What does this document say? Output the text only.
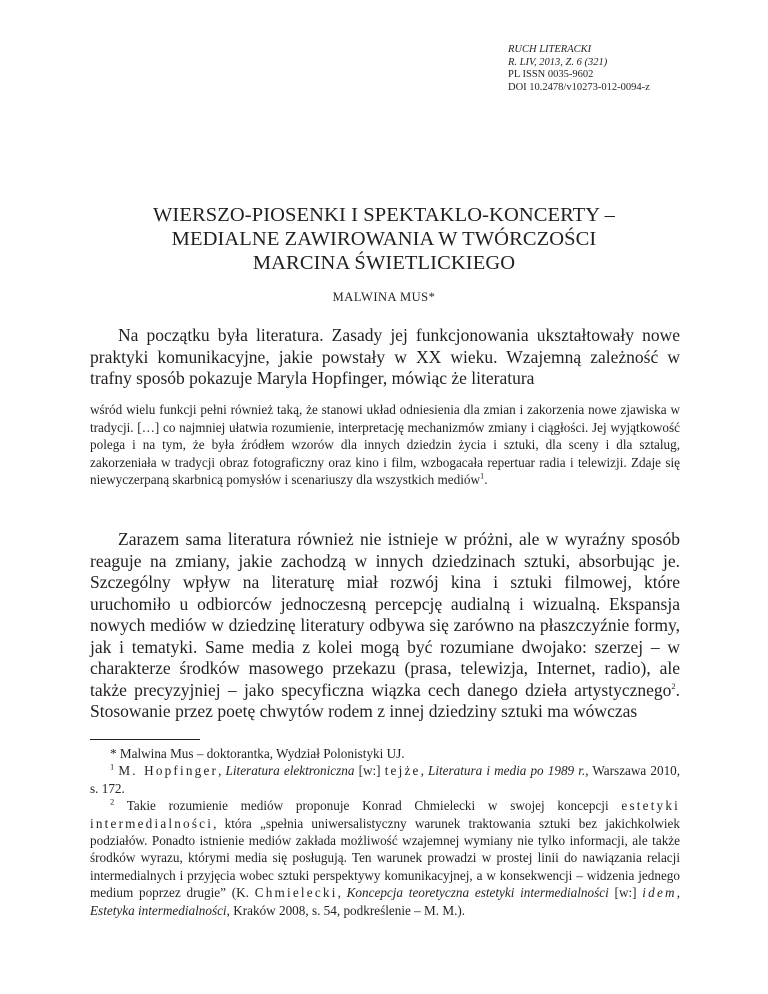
RUCH LITERACKI
R. LIV, 2013, Z. 6 (321)
PL ISSN 0035-9602
DOI 10.2478/v10273-012-0094-z
WIERSZO-PIOSENKI I SPEKTAKLO-KONCERTY –
MEDIALNE ZAWIROWANIA W TWÓRCZOŚCI
MARCINA ŚWIETLICKIEGO
MALWINA MUS*

Na początku była literatura. Zasady jej funkcjonowania ukształtowały nowe praktyki komunikacyjne, jakie powstały w XX wieku. Wzajemną zależność w trafny sposób pokazuje Maryla Hopfinger, mówiąc że literatura

wśród wielu funkcji pełni również taką, że stanowi układ odniesienia dla zmian i zakorzenia nowe zjawiska w tradycji. […] co najmniej ułatwia rozumienie, interpretację mechanizmów zmiany i ciągłości. Jej wyjątkowość polega i na tym, że była źródłem wzorów dla innych dziedzin życia i sztuki, dla sceny i dla sztalug, zakorzeniała w tradycji obraz fotograficzny oraz kino i film, wzbogacała repertuar radia i telewizji. Zdaje się niewyczerpaną skarbnicą pomysłów i scenariuszy dla wszystkich mediów$^1$.

Zarazem sama literatura również nie istnieje w próżni, ale w wyraźny sposób reaguje na zmiany, jakie zachodzą w innych dziedzinach sztuki, absorbując je. Szczególny wpływ na literaturę miał rozwój kina i sztuki filmowej, które uruchomiło u odbiorców jednoczesną percepcję audialną i wizualną. Ekspansja nowych mediów w dziedzinę literatury odbywa się zarówno na płaszczyźnie formy, jak i tematyki. Same media z kolei mogą być rozumiane dwojako: szerzej – w charakterze środków masowego przekazu (prasa, telewizja, Internet, radio), ale także precyzyjniej – jako specyficzna wiązka cech danego dzieła artystycznego$^2$. Stosowanie przez poetę chwytów rodem z innej dziedziny sztuki ma wówczas

* Malwina Mus – doktorantka, Wydział Polonistyki UJ.

$^1$ M. Hopfinger, Literatura elektroniczna [w:] tejże, Literatura i media po 1989 r., Warszawa 2010, s. 172.

$^2$ Takie rozumienie mediów proponuje Konrad Chmielecki w swojej koncepcji estetyki intermedialności, która „spełnia uniwersalistyczny warunek traktowania sztuki bez jakichkolwiek podziałów. Ponadto istnienie mediów zakłada możliwość wzajemnej wymiany nie tylko informacji, ale także środków wyrazu, którymi media się posługują. Ten warunek prowadzi w prostej linii do nawiązania relacji intermedialnych i przyjęcia wobec sztuki perspektywy komunikacyjnej, a w konsekwencji – widzenia jednego medium poprzez drugie” (K. Chmielecki, Koncepcja teoretyczna estetyki intermedialności [w:] idem, Estetyka intermedialności, Kraków 2008, s. 54, podkreślenie – M. M.).
